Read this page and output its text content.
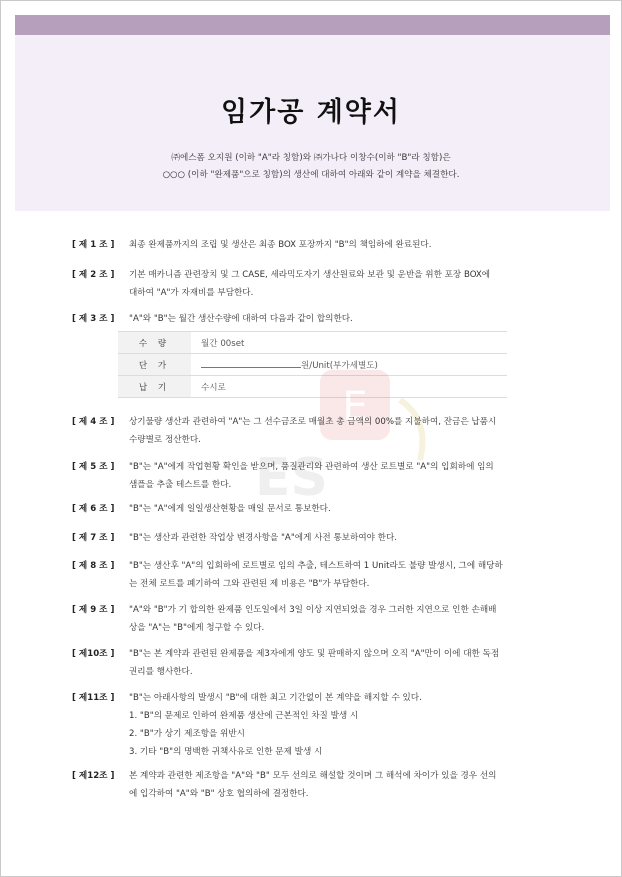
임가공 계약서
㈜에스폼 오지원 (이하 "A"라 칭함)와 ㈜가나다 이창수(이하 "B"라 칭함)은
○○○ (이하 "완제품"으로 칭함)의 생산에 대하여 아래와 같이 계약을 체결한다.
[ 제 1 조 ] 최종 완제품까지의 조립 및 생산은 최종 BOX 포장까지 "B"의 책임하에 완료된다.
[ 제 2 조 ] 기본 매카니즘 관련장치 및 그 CASE, 세라믹도자기 생산원료와 보관 및 운반을 위한 포장 BOX에
대하여 "A"가 자재비를 부담한다.
[ 제 3 조 ] "A"와 "B"는 월간 생산수량에 대하여 다음과 같이 합의한다.
수 량	월간 00set
단 가	원/Unit(부가세별도)
납 기	수시로	E
ES
[ 제 4 조 ] 상기물량 생산과 관련하여 "A"는 그 선수금조로 매월초 총 금액의 00%를 지불하여, 잔금은 납품시
수량별로 정산한다.
[ 제 5 조 ] "B"는 "A"에게 작업현황 확인을 받으며, 품질관리와 관련하여 생산 로트별로 "A"의 입회하에 임의
샘플을 추출 테스트를 한다.
[ 제 6 조 ] "B"는 "A"에게 일일생산현황을 매일 문서로 통보한다.
[ 제 7 조 ] "B"는 생산과 관련한 작업상 변경사항을 "A"에게 사전 통보하여야 한다.
[ 제 8 조 ] "B"는 생산후 "A"의 입회하에 로트별로 임의 추출, 테스트하여 1 Unit라도 불량 발생시, 그에 해당하
는 전체 로트를 폐기하여 그와 관련된 제 비용은 "B"가 부담한다.
[ 제 9 조 ] "A"와 "B"가 기 합의한 완제품 인도일에서 3일 이상 지연되었을 경우 그러한 지연으로 인한 손해배
상을 "A"는 "B"에게 청구할 수 있다.
[ 제10조 ] "B"는 본 계약과 관련된 완제품을 제3자에게 양도 및 판매하지 않으며 오직 "A"만이 이에 대한 독점
권리를 행사한다.
[ 제11조 ] "B"는 아래사항의 발생시 "B"에 대한 최고 기간없이 본 계약을 해지할 수 있다.
1. "B"의 문제로 인하여 완제품 생산에 근본적인 차질 발생 시
2. "B"가 상기 제조항을 위반시
3. 기타 "B"의 명백한 귀책사유로 인한 문제 발생 시
[ 제12조 ] 본 계약과 관련한 제조항을 "A"와 "B" 모두 선의로 해설할 것이며 그 해석에 차이가 있을 경우 선의
에 입각하여 "A"와 "B" 상호 협의하에 결정한다.
